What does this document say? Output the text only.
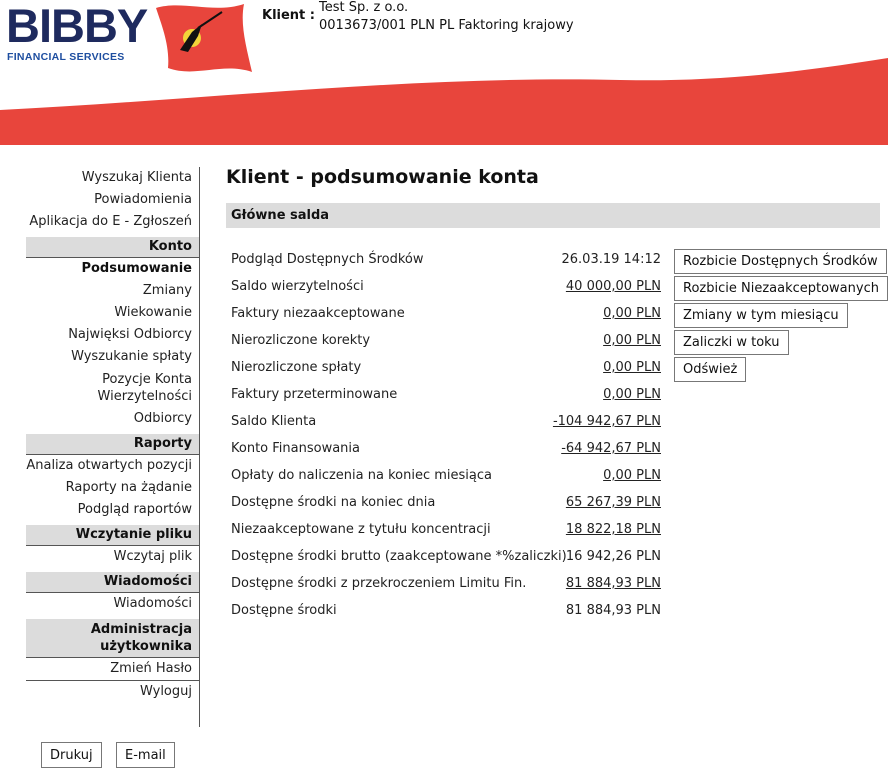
BIBBY
FINANCIAL SERVICES
Klient :
Test Sp. z o.o.
0013673/001 PLN PL Faktoring krajowy
Wyszukaj Klienta
Powiadomienia
Aplikacja do E - Zgłoszeń
Konto
Podsumowanie
Zmiany
Wiekowanie
Najwięksi Odbiorcy
Wyszukanie spłaty
Pozycje Konta Wierzytelności
Odbiorcy
Raporty
Analiza otwartych pozycji
Raporty na żądanie
Podgląd raportów
Wczytanie pliku
Wczytaj plik
Wiadomości
Wiadomości
Administracja użytkownika
Zmień Hasło
Wyloguj
Drukuj	E-mail
Klient - podsumowanie konta
Główne salda
Podgląd Dostępnych Środków	26.03.19 14:12
Saldo wierzytelności	40 000,00 PLN
Faktury niezaakceptowane	0,00 PLN
Nierozliczone korekty	0,00 PLN
Nierozliczone spłaty	0,00 PLN
Faktury przeterminowane	0,00 PLN
Saldo Klienta	-104 942,67 PLN
Konto Finansowania	-64 942,67 PLN
Opłaty do naliczenia na koniec miesiąca	0,00 PLN
Dostępne środki na koniec dnia	65 267,39 PLN
Niezaakceptowane z tytułu koncentracji	18 822,18 PLN
Dostępne środki brutto (zaakceptowane *%zaliczki) 16 942,26 PLN
Dostępne środki z przekroczeniem Limitu Fin.	81 884,93 PLN
Dostępne środki	81 884,93 PLN
Rozbicie Dostępnych Środków
Rozbicie Niezaakceptowanych
Zmiany w tym miesiącu
Zaliczki w toku
Odśwież
